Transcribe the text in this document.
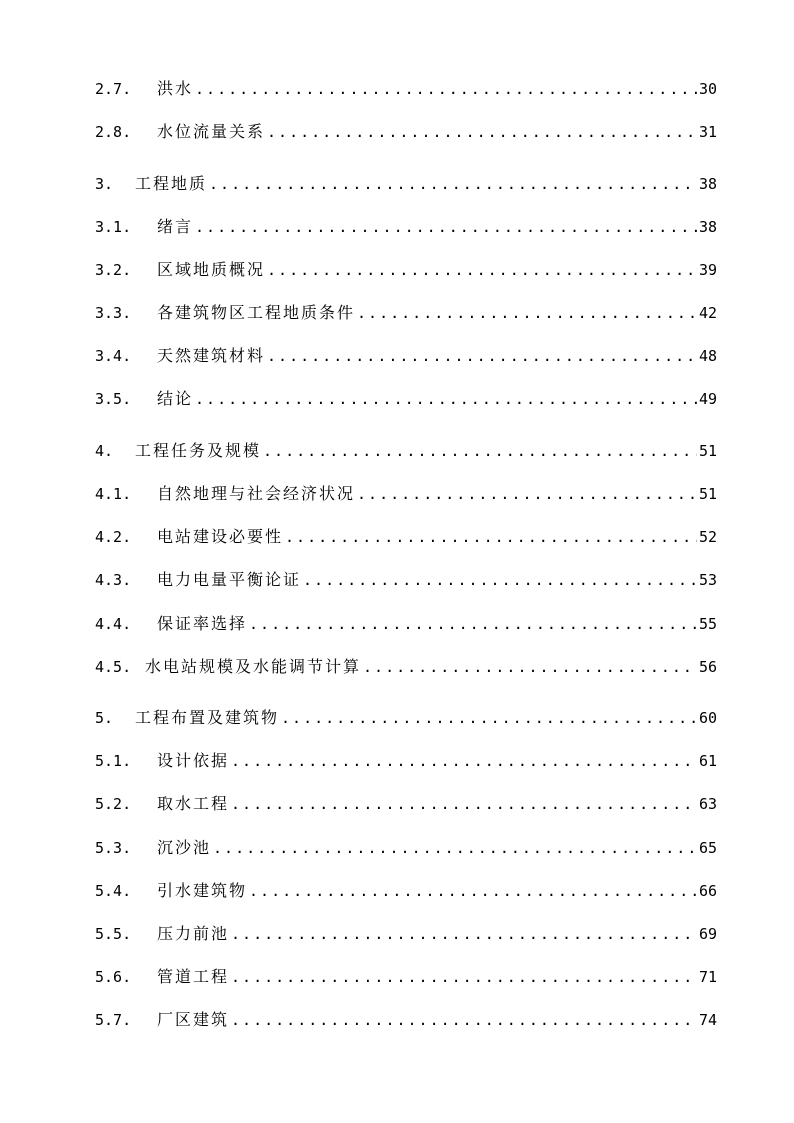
2.7.	洪水 .....	30
2.8.	水位流量关系 .....	31
3.	工程地质 .....	38
3.1.	绪言 .....	38
3.2.	区域地质概况 .....	39
3.3.	各建筑物区工程地质条件 .....	42
3.4.	天然建筑材料 .....	48
3.5.	结论 .....	49
4.	工程任务及规模 .....	51
4.1.	自然地理与社会经济状况 .....	51
4.2.	电站建设必要性 .....	52
4.3.	电力电量平衡论证 .....	53
4.4.	保证率选择 .....	55
4.5. 水电站规模及水能调节计算 .....	56
5.	工程布置及建筑物 .....	60
5.1.	设计依据 .....	61
5.2.	取水工程 .....	63
5.3.	沉沙池 .....	65
5.4.	引水建筑物 .....	66
5.5.	压力前池 .....	69
5.6.	管道工程 .....	71
5.7.	厂区建筑 .....	74
